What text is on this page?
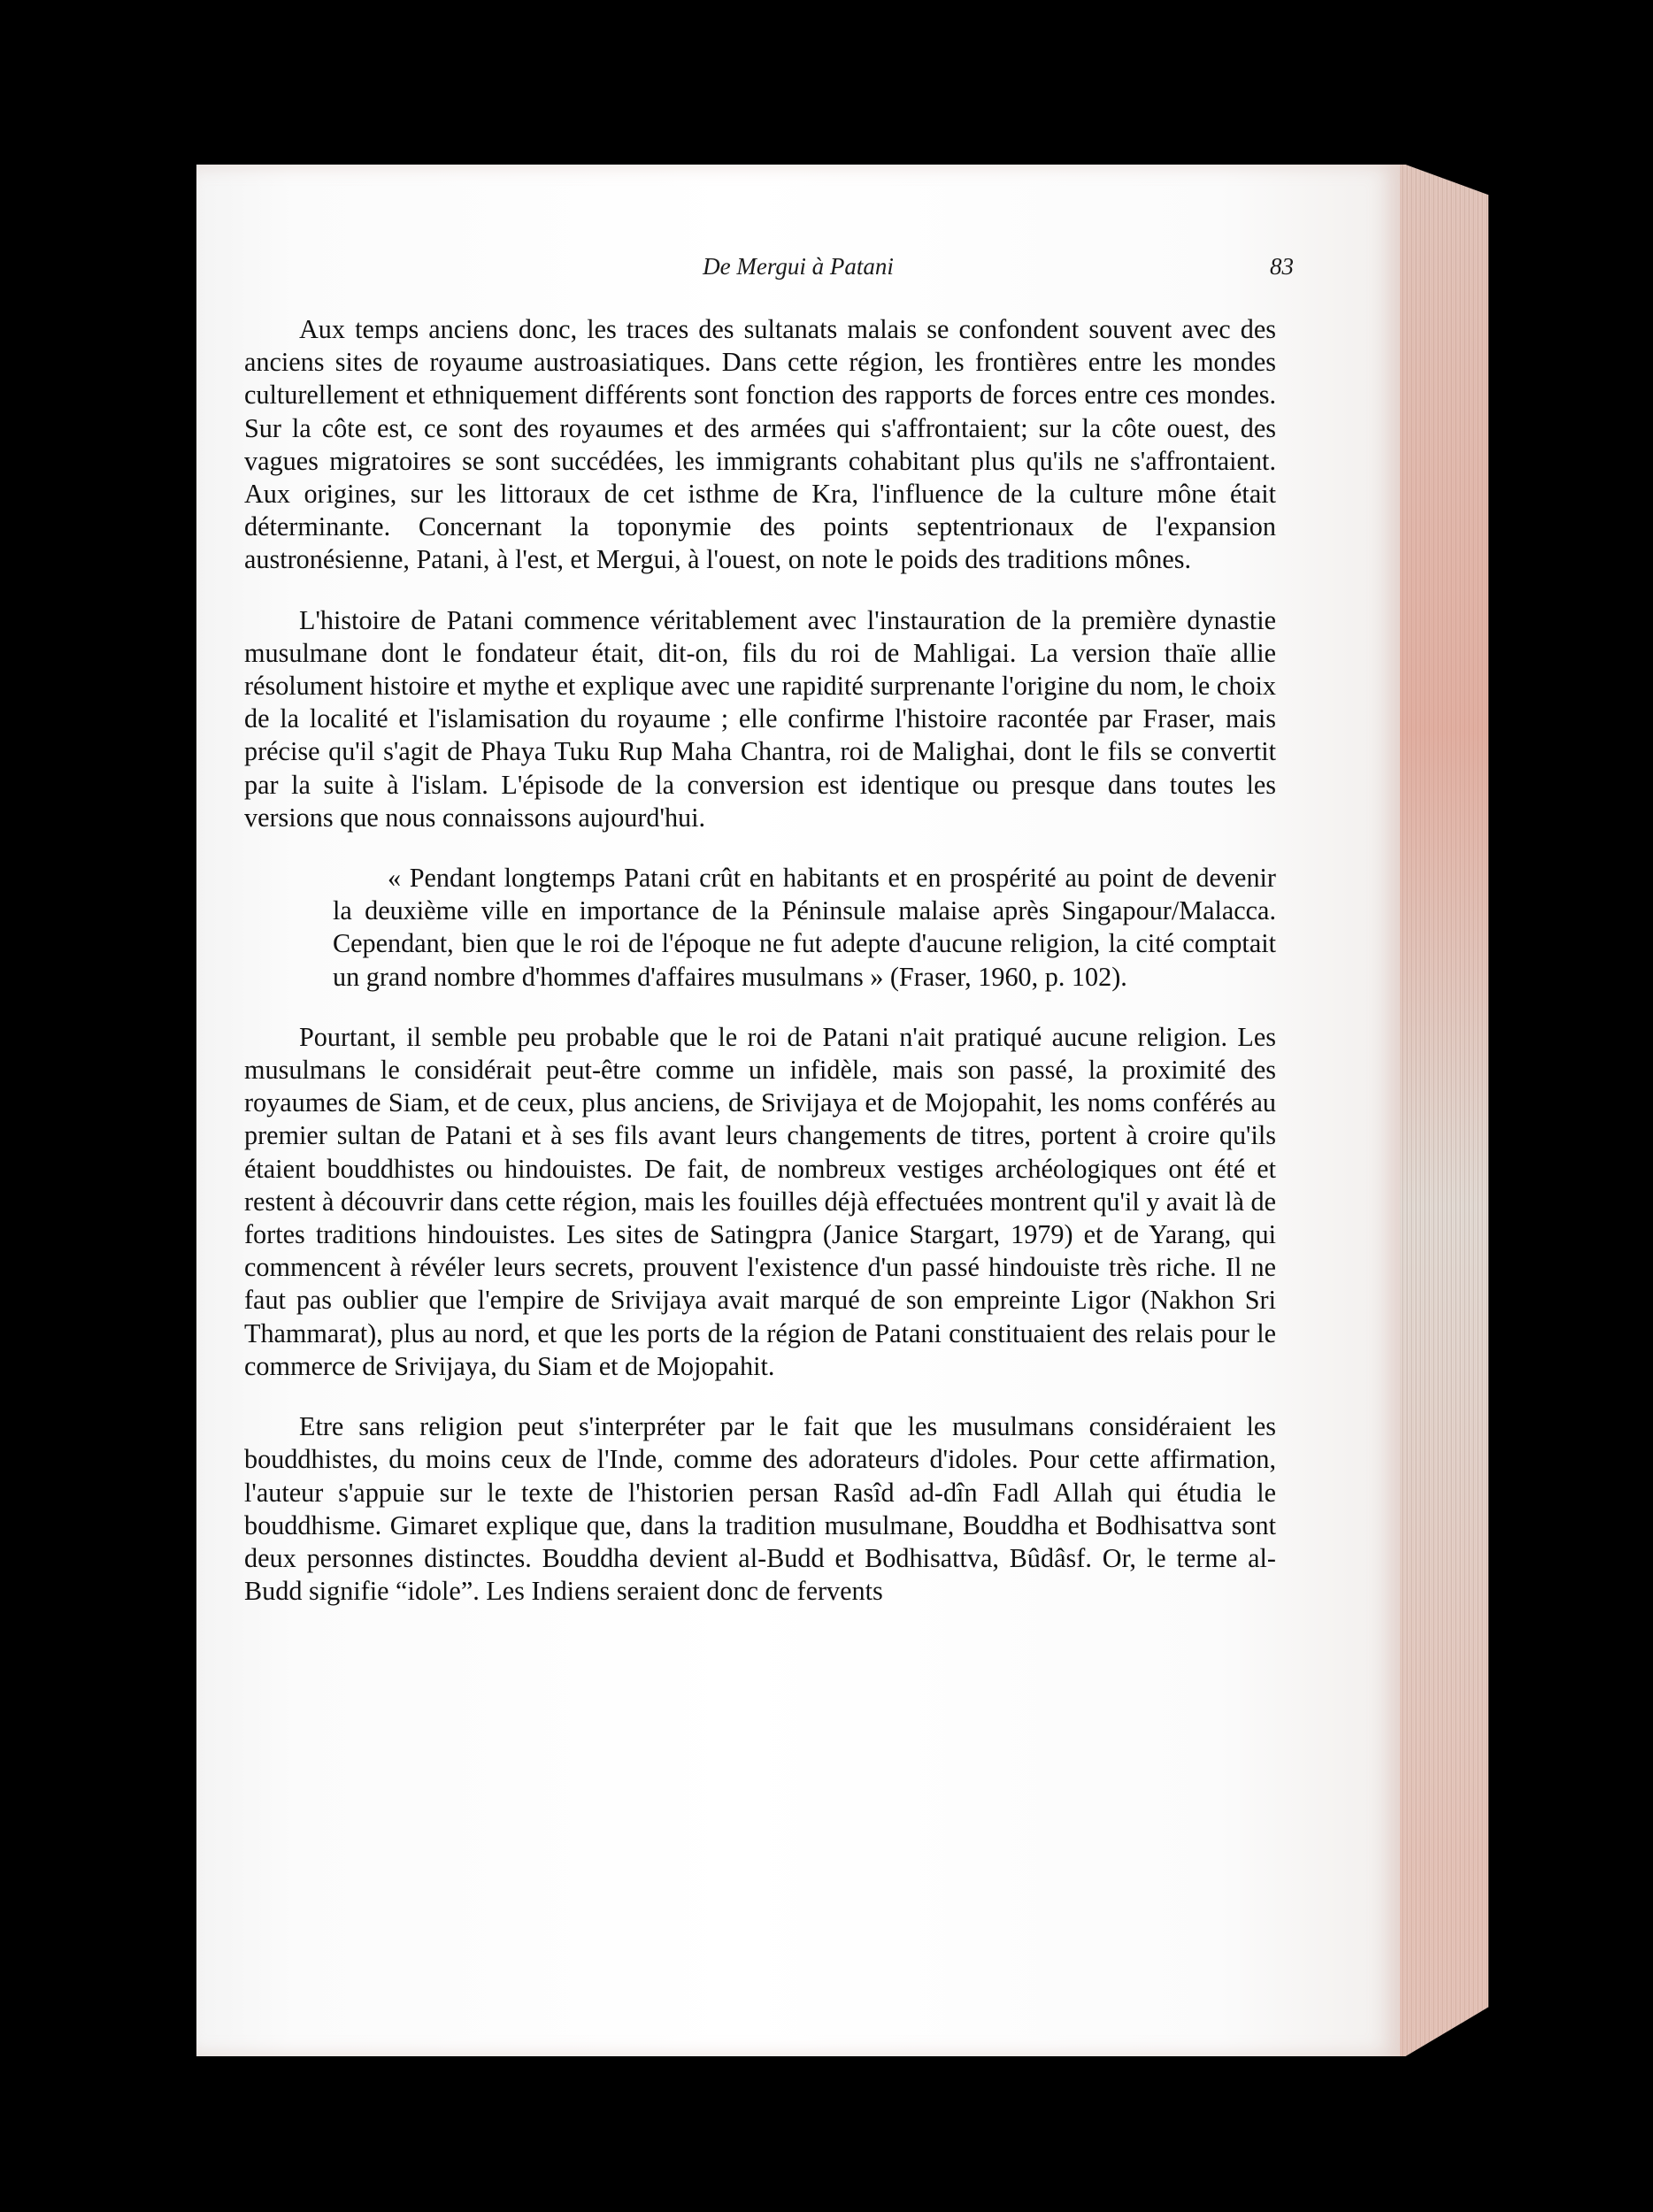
De Mergui à Patani	83

Aux temps anciens donc, les traces des sultanats malais se confondent souvent avec des anciens sites de royaume austroasiatiques. Dans cette région, les frontières entre les mondes culturellement et ethniquement différents sont fonction des rapports de forces entre ces mondes. Sur la côte est, ce sont des royaumes et des armées qui s'affrontaient; sur la côte ouest, des vagues migratoires se sont succédées, les immigrants cohabitant plus qu'ils ne s'affrontaient. Aux origines, sur les littoraux de cet isthme de Kra, l'influence de la culture mône était déterminante. Concernant la toponymie des points septentrionaux de l'expansion austronésienne, Patani, à l'est, et Mergui, à l'ouest, on note le poids des traditions mônes.

L'histoire de Patani commence véritablement avec l'instauration de la première dynastie musulmane dont le fondateur était, dit-on, fils du roi de Mahligai. La version thaïe allie résolument histoire et mythe et explique avec une rapidité surprenante l'origine du nom, le choix de la localité et l'islamisation du royaume ; elle confirme l'histoire racontée par Fraser, mais précise qu'il s'agit de Phaya Tuku Rup Maha Chantra, roi de Malighai, dont le fils se convertit par la suite à l'islam. L'épisode de la conversion est identique ou presque dans toutes les versions que nous connaissons aujourd'hui.

« Pendant longtemps Patani crût en habitants et en prospérité au point de devenir la deuxième ville en importance de la Péninsule malaise après Singapour/Malacca. Cependant, bien que le roi de l'époque ne fut adepte d'aucune religion, la cité comptait un grand nombre d'hommes d'affaires musulmans » (Fraser, 1960, p. 102).

Pourtant, il semble peu probable que le roi de Patani n'ait pratiqué aucune religion. Les musulmans le considérait peut-être comme un infidèle, mais son passé, la proximité des royaumes de Siam, et de ceux, plus anciens, de Srivijaya et de Mojopahit, les noms conférés au premier sultan de Patani et à ses fils avant leurs changements de titres, portent à croire qu'ils étaient bouddhistes ou hindouistes. De fait, de nombreux vestiges archéologiques ont été et restent à découvrir dans cette région, mais les fouilles déjà effectuées montrent qu'il y avait là de fortes traditions hindouistes. Les sites de Satingpra (Janice Stargart, 1979) et de Yarang, qui commencent à révéler leurs secrets, prouvent l'existence d'un passé hindouiste très riche. Il ne faut pas oublier que l'empire de Srivijaya avait marqué de son empreinte Ligor (Nakhon Sri Thammarat), plus au nord, et que les ports de la région de Patani constituaient des relais pour le commerce de Srivijaya, du Siam et de Mojopahit.

Etre sans religion peut s'interpréter par le fait que les musulmans considéraient les bouddhistes, du moins ceux de l'Inde, comme des adorateurs d'idoles. Pour cette affirmation, l'auteur s'appuie sur le texte de l'historien persan Rasîd ad-dîn Fadl Allah qui étudia le bouddhisme. Gimaret explique que, dans la tradition musulmane, Bouddha et Bodhisattva sont deux personnes distinctes. Bouddha devient al-Budd et Bodhisattva, Bûdâsf. Or, le terme al-Budd signifie “idole”. Les Indiens seraient donc de fervents
